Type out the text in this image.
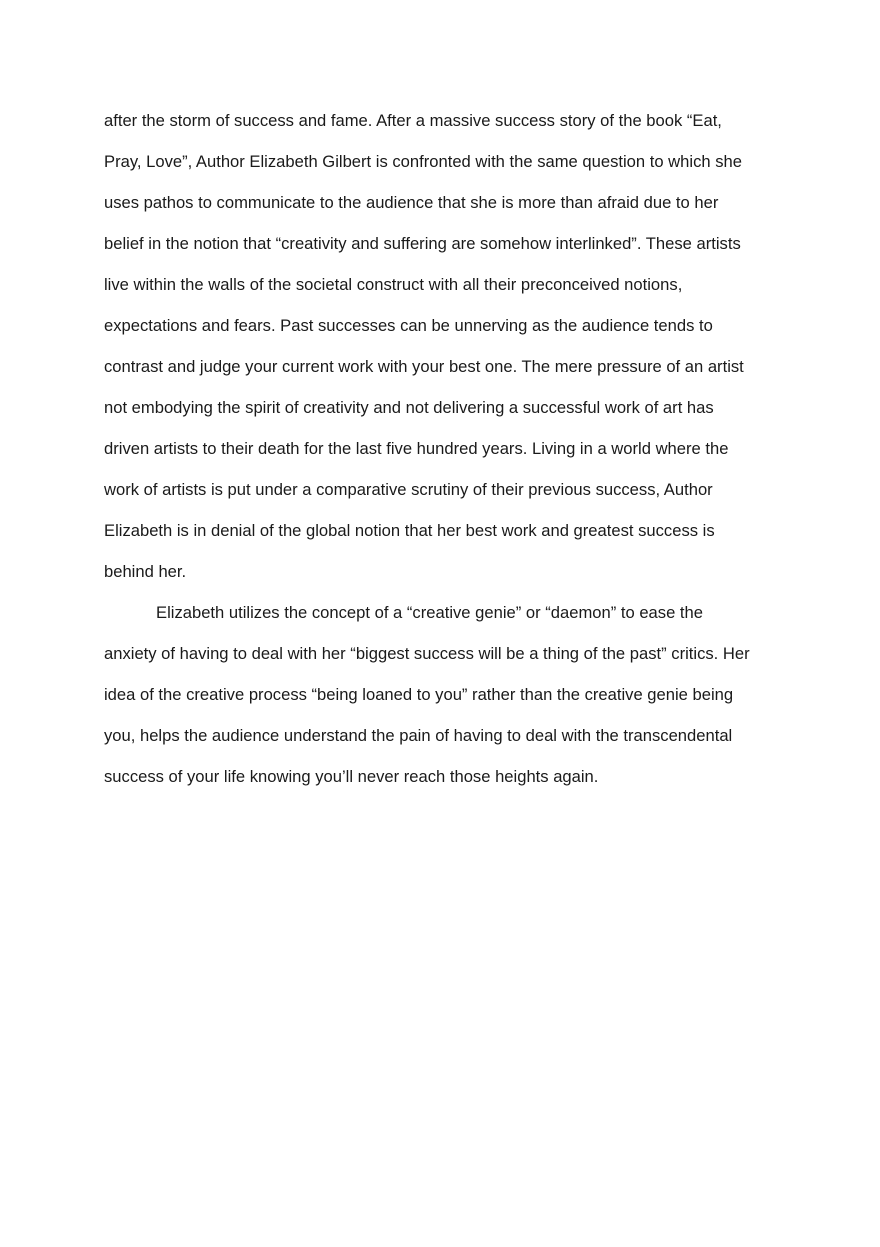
after the storm of success and fame. After a massive success story of the book “Eat,
Pray, Love”, Author Elizabeth Gilbert is confronted with the same question to which she
uses pathos to communicate to the audience that she is more than afraid due to her
belief in the notion that “creativity and suffering are somehow interlinked”. These artists
live within the walls of the societal construct with all their preconceived notions,
expectations and fears. Past successes can be unnerving as the audience tends to
contrast and judge your current work with your best one. The mere pressure of an artist
not embodying the spirit of creativity and not delivering a successful work of art has
driven artists to their death for the last five hundred years. Living in a world where the
work of artists is put under a comparative scrutiny of their previous success, Author
Elizabeth is in denial of the global notion that her best work and greatest success is
behind her.
Elizabeth utilizes the concept of a “creative genie” or “daemon” to ease the
anxiety of having to deal with her “biggest success will be a thing of the past” critics. Her
idea of the creative process “being loaned to you” rather than the creative genie being
you, helps the audience understand the pain of having to deal with the transcendental
success of your life knowing you’ll never reach those heights again.
